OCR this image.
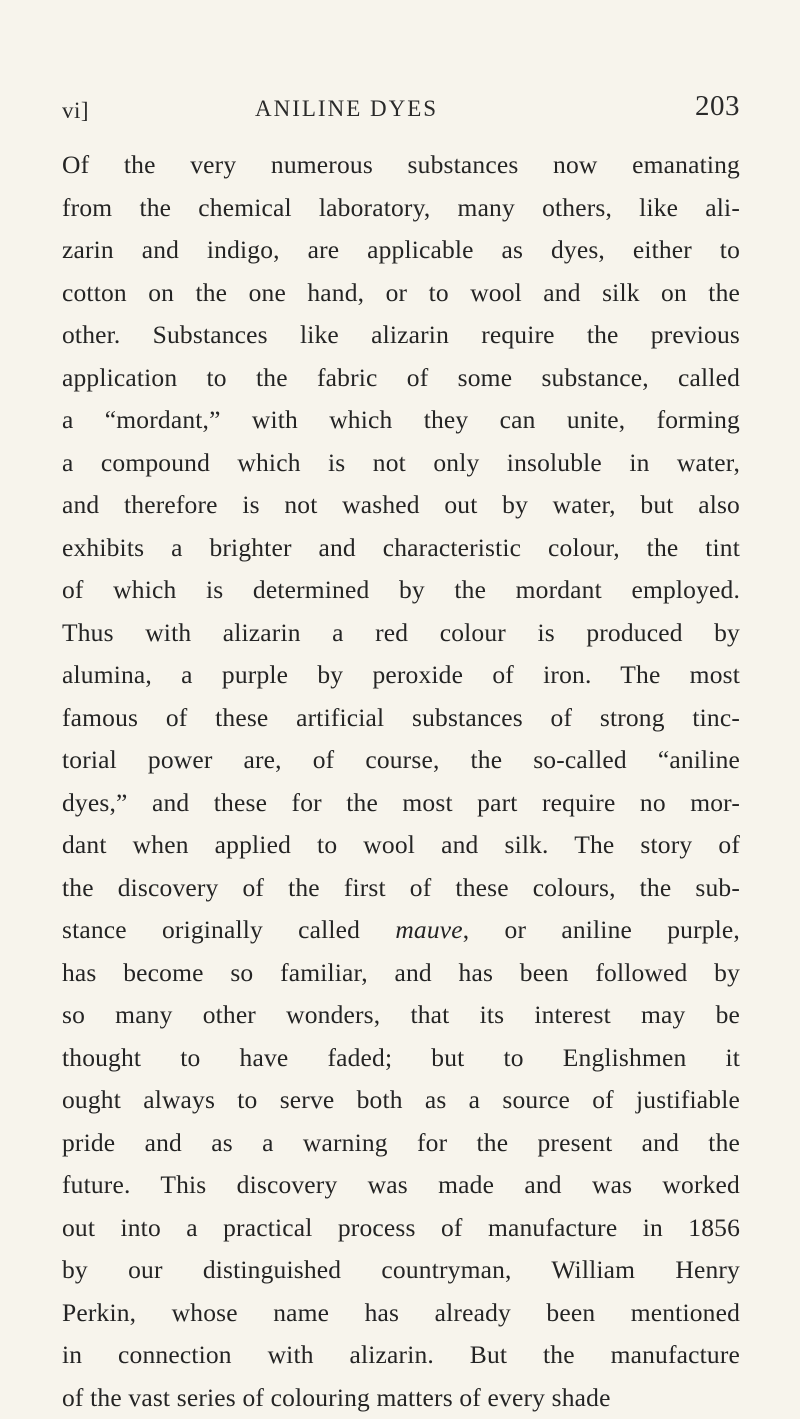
vi]	ANILINE DYES	203
Of the very numerous substances now emanating
from the chemical laboratory, many others, like ali-
zarin and indigo, are applicable as dyes, either to
cotton on the one hand, or to wool and silk on the
other. Substances like alizarin require the previous
application to the fabric of some substance, called
a “mordant,” with which they can unite, forming
a compound which is not only insoluble in water,
and therefore is not washed out by water, but also
exhibits a brighter and characteristic colour, the tint
of which is determined by the mordant employed.
Thus with alizarin a red colour is produced by
alumina, a purple by peroxide of iron. The most
famous of these artificial substances of strong tinc-
torial power are, of course, the so-called “aniline
dyes,” and these for the most part require no mor-
dant when applied to wool and silk. The story of
the discovery of the first of these colours, the sub-
stance originally called mauve, or aniline purple,
has become so familiar, and has been followed by
so many other wonders, that its interest may be
thought to have faded; but to Englishmen it
ought always to serve both as a source of justifiable
pride and as a warning for the present and the
future. This discovery was made and was worked
out into a practical process of manufacture in 1856
by our distinguished countryman, William Henry
Perkin, whose name has already been mentioned
in connection with alizarin. But the manufacture
of the vast series of colouring matters of every shade
